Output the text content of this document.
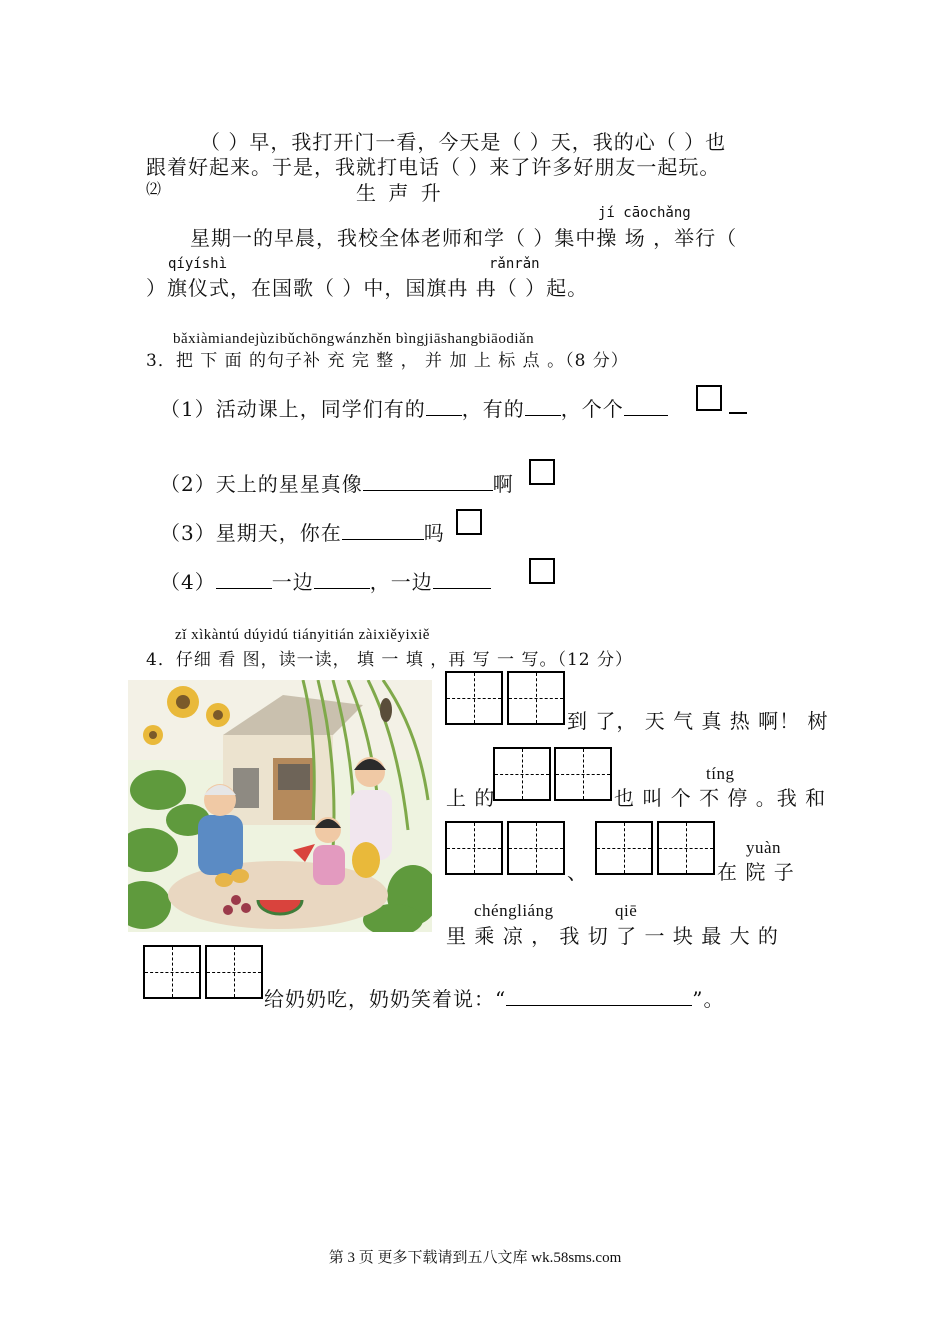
（ ）早，我打开门一看，今天是（ ）天，我的心（ ）也
跟着好起来。于是，我就打电话（ ）来了许多好朋友一起玩。
⑵	生 声 升
jí cāochǎng
星期一的早晨，我校全体老师和学（ ）集中操 场 ，举行（
qíyíshì	rǎnrǎn
）旗仪式，在国歌（ ）中，国旗冉 冉（ ）起。
bǎxiàmiandejùzibǔchōngwánzhěn bìngjiāshangbiāodiǎn
3．把 下 面 的句子补 充 完 整 ， 并 加 上 标 点 。（8 分）
（1）活动课上，同学们有的 ，有的 ，个个
（2）天上的星星真像	啊
（3）星期天，你在	吗
（4）	一边	，一边
zǐ xìkàntú dúyidú tiányitián zàixiěyixiě
4．仔细 看 图，读一读， 填 一 填 ，再 写 一 写。（12 分）
到 了， 天 气 真 热 啊！ 树
tíng
上 的	也 叫 个 不 停 。我 和
、
yuàn
在 院 子
chéngliáng	qiē
里 乘 凉 ， 我 切 了 一 块 最 大 的
给奶奶吃，奶奶笑着说：“	”。
第 3 页 更多下载请到五八文库 wk.58sms.com
